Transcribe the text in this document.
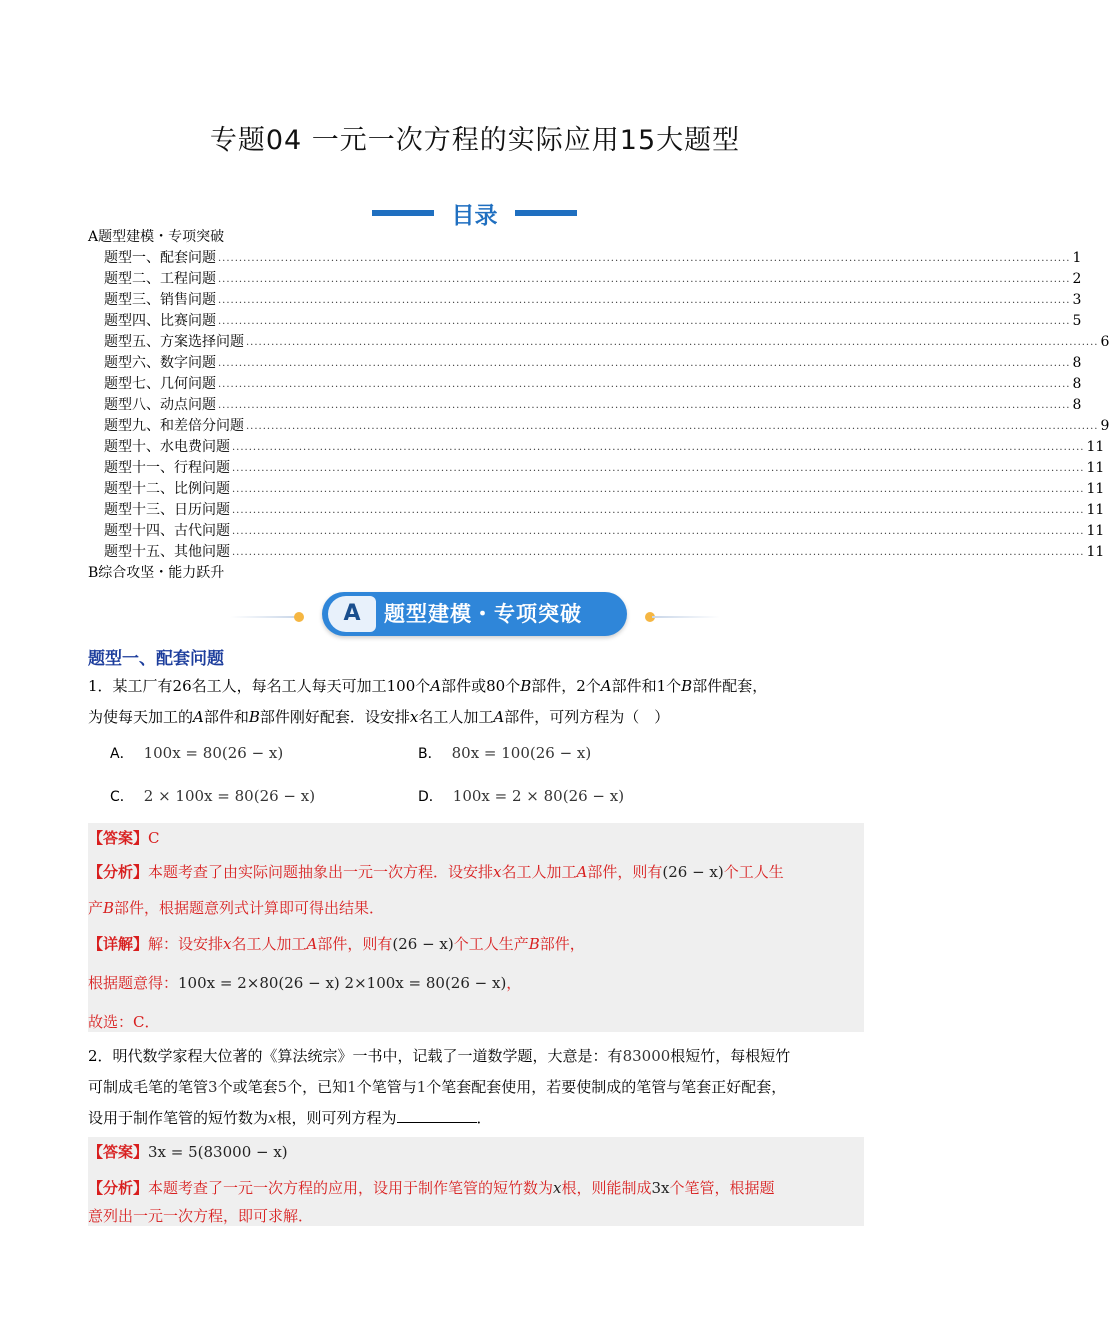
专题04 一元一次方程的实际应用15大题型
目录
A题型建模・专项突破
题型一、配套问题 ............................................................................................................................................................................................................ 1
题型二、工程问题 ............................................................................................................................................................................................................ 2
题型三、销售问题 ............................................................................................................................................................................................................ 3
题型四、比赛问题 ............................................................................................................................................................................................................ 5
题型五、方案选择问题 ............................................................................................................................................................................................................ 6
题型六、数字问题 ............................................................................................................................................................................................................ 8
题型七、几何问题 ............................................................................................................................................................................................................ 8
题型八、动点问题 ............................................................................................................................................................................................................ 8
题型九、和差倍分问题 ............................................................................................................................................................................................................ 9
题型十、水电费问题 ............................................................................................................................................................................................................ 11
题型十一、行程问题 ............................................................................................................................................................................................................ 11
题型十二、比例问题 ............................................................................................................................................................................................................ 11
题型十三、日历问题 ............................................................................................................................................................................................................ 11
题型十四、古代问题 ............................................................................................................................................................................................................ 11
题型十五、其他问题 ............................................................................................................................................................................................................ 11
B综合攻坚・能力跃升
A	题型建模・专项突破
题型一、配套问题
1．某工厂有26名工人，每名工人每天可加工100个A部件或80个B部件，2个A部件和1个B部件配套，
为使每天加工的A部件和B部件刚好配套．设安排x名工人加工A部件，可列方程为（　）
A． 100x = 80(26 − x)	B． 80x = 100(26 − x)
C． 2 × 100x = 80(26 − x)	D． 100x = 2 × 80(26 − x)
【答案】C
【分析】本题考查了由实际问题抽象出一元一次方程．设安排x名工人加工A部件，则有(26 − x)个工人生
产B部件，根据题意列式计算即可得出结果．
【详解】解：设安排x名工人加工A部件，则有(26 − x)个工人生产B部件，
根据题意得：100x = 2×80(26 − x) 2×100x = 80(26 − x)，
故选：C．
2．明代数学家程大位著的《算法统宗》一书中，记载了一道数学题，大意是：有83000根短竹，每根短竹
可制成毛笔的笔管3个或笔套5个，已知1个笔管与1个笔套配套使用，若要使制成的笔管与笔套正好配套，
设用于制作笔管的短竹数为x根，则可列方程为	．
【答案】3x = 5(83000 − x)
【分析】本题考查了一元一次方程的应用，设用于制作笔管的短竹数为x根，则能制成3x个笔管，根据题
意列出一元一次方程，即可求解．
